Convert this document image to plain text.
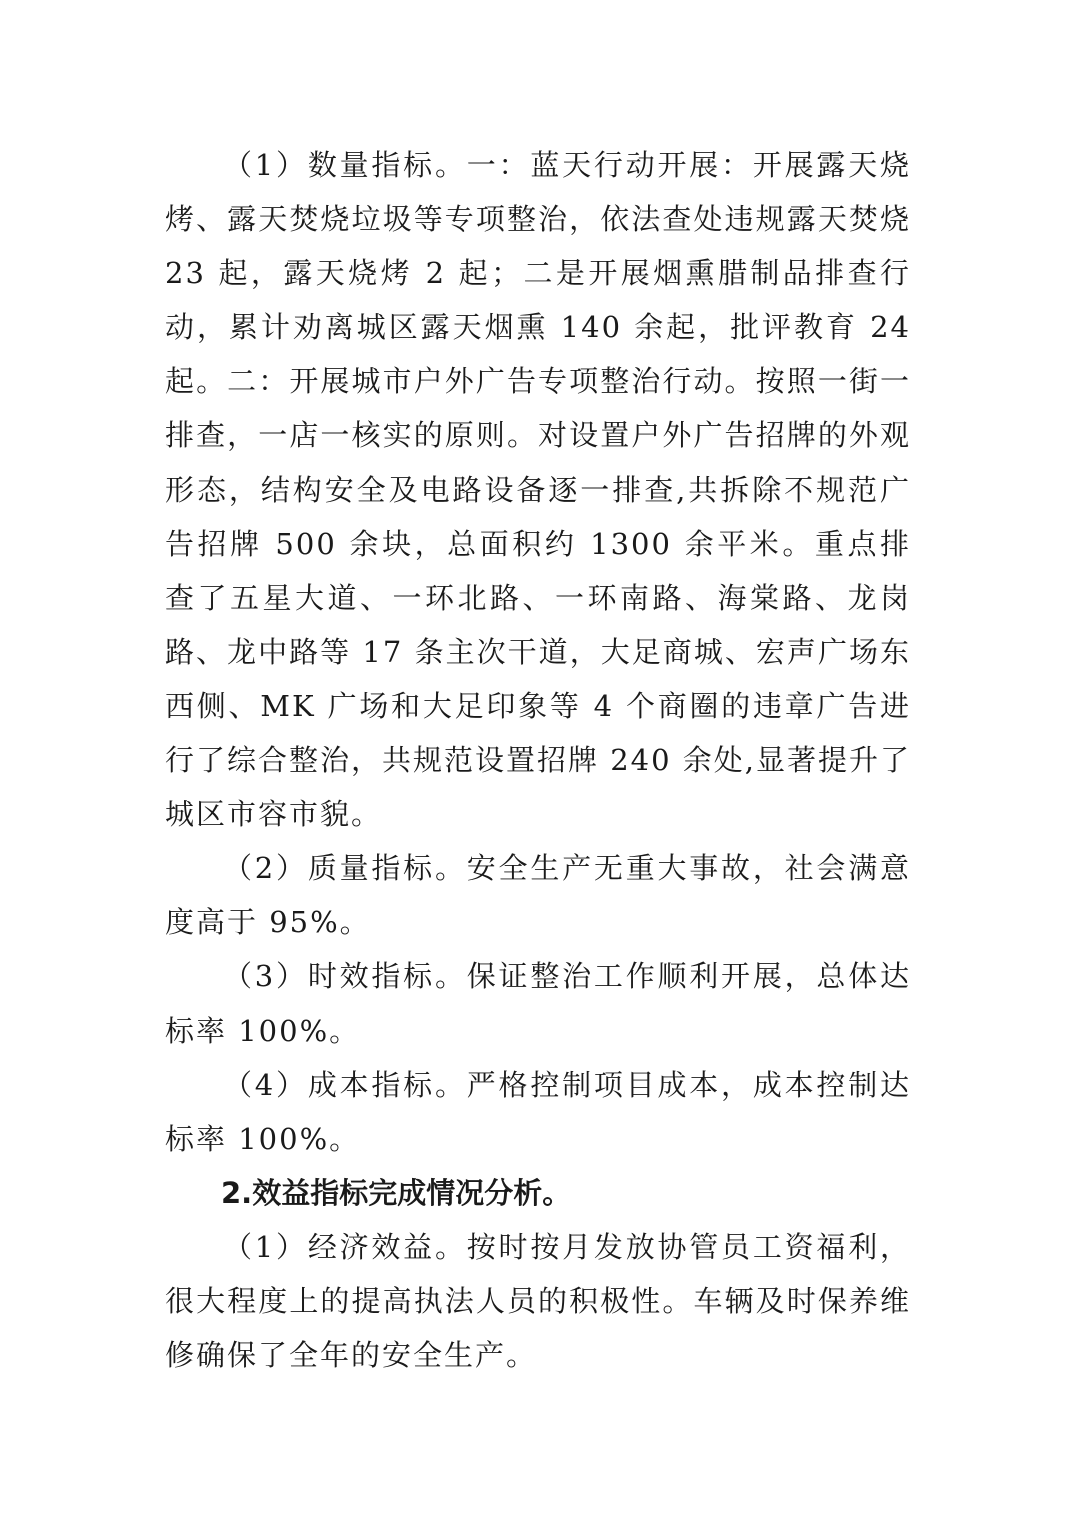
（1）数量指标。一：蓝天行动开展：开展露天烧烤、露天焚烧垃圾等专项整治，依法查处违规露天焚烧 23 起，露天烧烤 2 起；二是开展烟熏腊制品排查行动，累计劝离城区露天烟熏 140 余起，批评教育 24 起。二：开展城市户外广告专项整治行动。按照一街一排查，一店一核实的原则。对设置户外广告招牌的外观形态，结构安全及电路设备逐一排查,共拆除不规范广告招牌 500 余块，总面积约 1300 余平米。重点排查了五星大道、一环北路、一环南路、海棠路、龙岗路、龙中路等 17 条主次干道，大足商城、宏声广场东西侧、MK 广场和大足印象等 4 个商圈的违章广告进行了综合整治，共规范设置招牌 240 余处,显著提升了城区市容市貌。

（2）质量指标。安全生产无重大事故，社会满意度高于 95%。

（3）时效指标。保证整治工作顺利开展，总体达标率 100%。

（4）成本指标。严格控制项目成本，成本控制达标率 100%。

2.效益指标完成情况分析。

（1）经济效益。按时按月发放协管员工资福利，很大程度上的提高执法人员的积极性。车辆及时保养维修确保了全年的安全生产。
